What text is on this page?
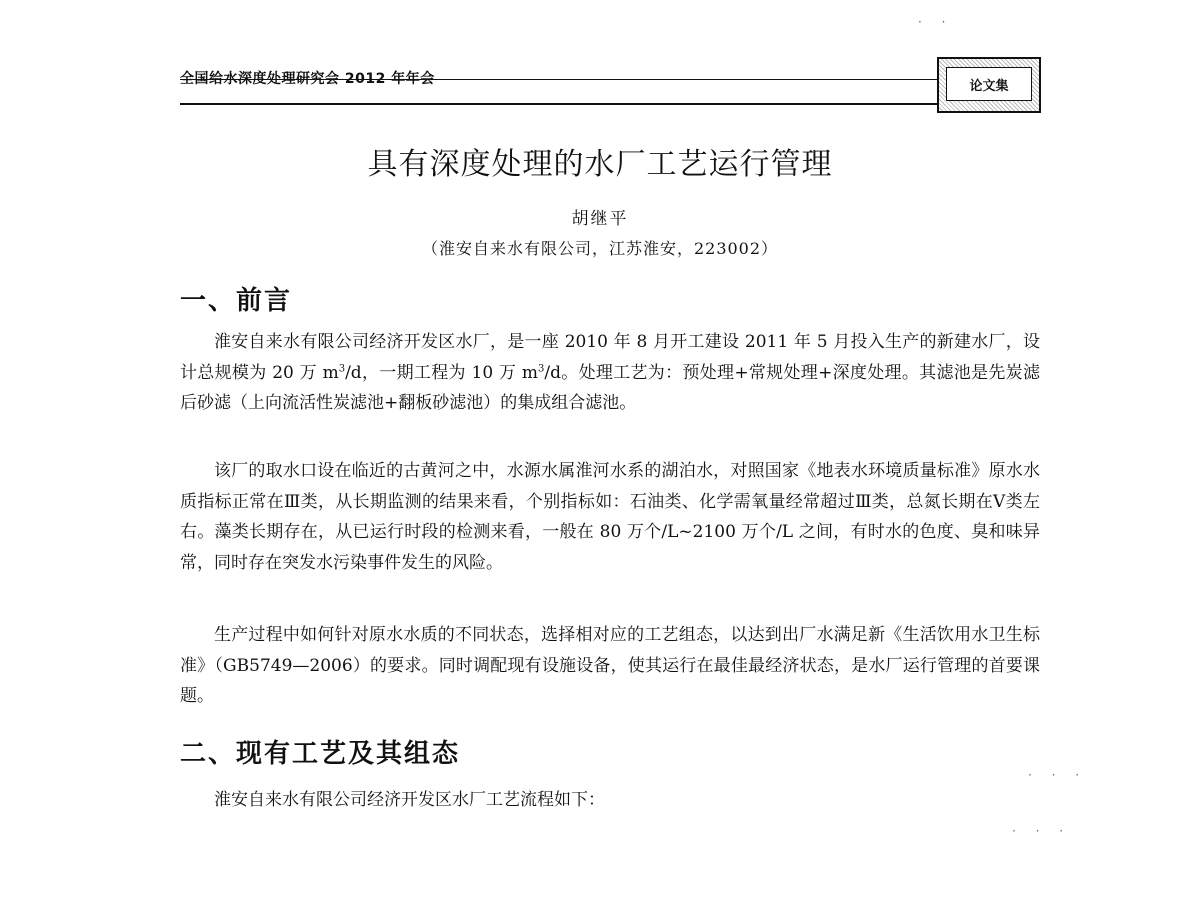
全国给水深度处理研究会 2012 年年会	论文集
· ·
· · ·
· · ·
具有深度处理的水厂工艺运行管理
胡继平
（淮安自来水有限公司，江苏淮安，223002）
一、前言
淮安自来水有限公司经济开发区水厂，是一座 2010 年 8 月开工建设 2011 年 5 月投入生产的新建水厂，设计总规模为 20 万 $m^3/d$，一期工程为 10 万 $m^3/d$。处理工艺为：预处理+常规处理+深度处理。其滤池是先炭滤后砂滤（上向流活性炭滤池+翻板砂滤池）的集成组合滤池。
该厂的取水口设在临近的古黄河之中，水源水属淮河水系的湖泊水，对照国家《地表水环境质量标准》原水水质指标正常在Ⅲ类，从长期监测的结果来看，个别指标如：石油类、化学需氧量经常超过Ⅲ类，总氮长期在Ⅴ类左右。藻类长期存在，从已运行时段的检测来看，一般在 80 万个/L~2100 万个/L 之间，有时水的色度、臭和味异常，同时存在突发水污染事件发生的风险。
生产过程中如何针对原水水质的不同状态，选择相对应的工艺组态，以达到出厂水满足新《生活饮用水卫生标准》（GB5749—2006）的要求。同时调配现有设施设备，使其运行在最佳最经济状态，是水厂运行管理的首要课题。
二、现有工艺及其组态
淮安自来水有限公司经济开发区水厂工艺流程如下：
